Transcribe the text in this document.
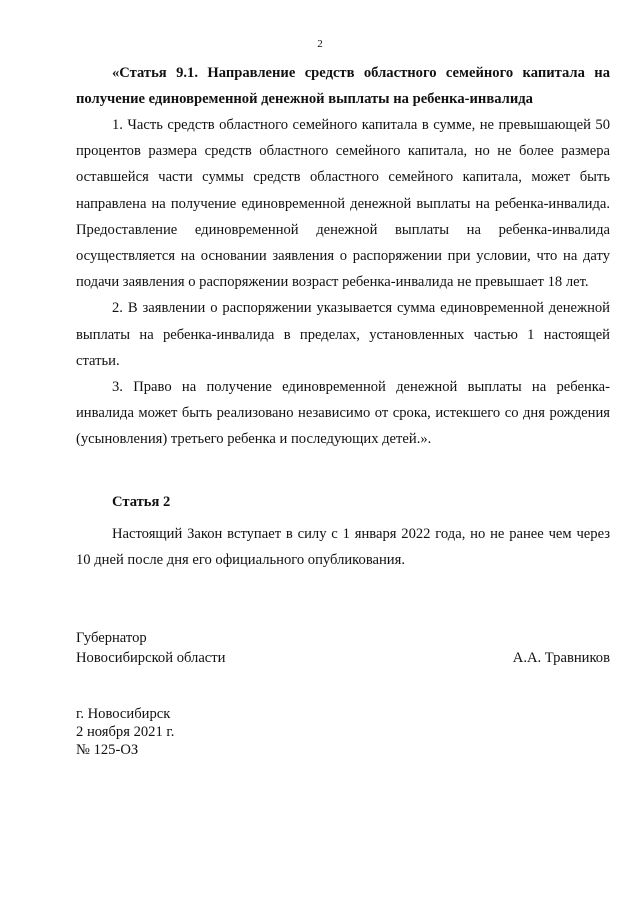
2

«Статья 9.1. Направление средств областного семейного капитала на получение единовременной денежной выплаты на ребенка-инвалида

1. Часть средств областного семейного капитала в сумме, не превышающей 50 процентов размера средств областного семейного капитала, но не более размера оставшейся части суммы средств областного семейного капитала, может быть направлена на получение единовременной денежной выплаты на ребенка-инвалида. Предоставление единовременной денежной выплаты на ребенка-инвалида осуществляется на основании заявления о распоряжении при условии, что на дату подачи заявления о распоряжении возраст ребенка-инвалида не превышает 18 лет.

2. В заявлении о распоряжении указывается сумма единовременной денежной выплаты на ребенка-инвалида в пределах, установленных частью 1 настоящей статьи.

3. Право на получение единовременной денежной выплаты на ребенка-инвалида может быть реализовано независимо от срока, истекшего со дня рождения (усыновления) третьего ребенка и последующих детей.».

Статья 2

Настоящий Закон вступает в силу с 1 января 2022 года, но не ранее чем через 10 дней после дня его официального опубликования.

Губернатор
Новосибирской области	А.А. Травников
г. Новосибирск
2 ноября 2021 г.
№ 125-ОЗ
